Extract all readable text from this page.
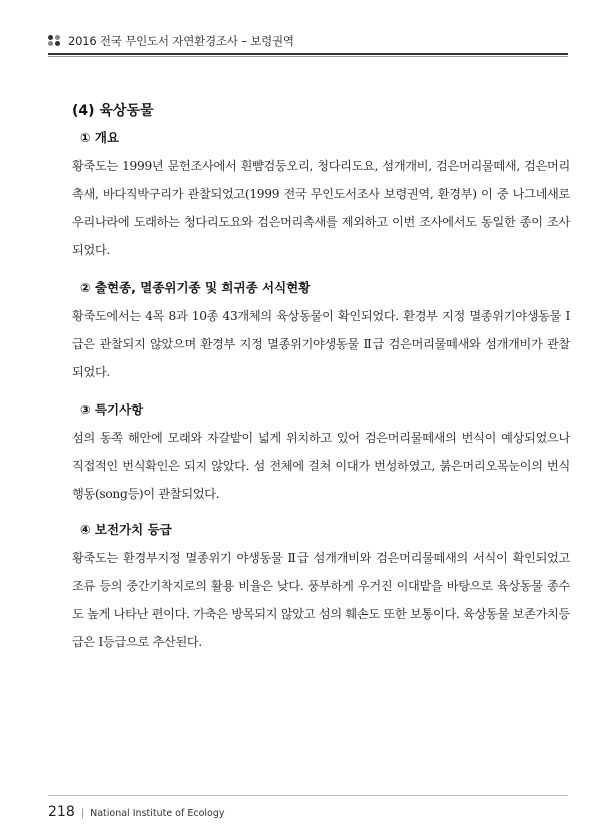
2016 전국 무인도서 자연환경조사 – 보령권역
(4) 육상동물
① 개요

황죽도는 1999년 문헌조사에서 흰뺨검둥오리, 청다리도요, 섬개개비, 검은머리물떼새, 검은머리촉새, 바다직박구리가 관찰되었고(1999 전국 무인도서조사 보령권역, 환경부) 이 중 나그네새로 우리나라에 도래하는 청다리도요와 검은머리촉새를 제외하고 이번 조사에서도 동일한 종이 조사되었다.

② 출현종, 멸종위기종 및 희귀종 서식현황

황죽도에서는 4목 8과 10종 43개체의 육상동물이 확인되었다. 환경부 지정 멸종위기야생동물 Ⅰ급은 관찰되지 않았으며 환경부 지정 멸종위기야생동물 Ⅱ급 검은머리물떼새와 섬개개비가 관찰되었다.

③ 특기사항

섬의 동쪽 해안에 모래와 자갈밭이 넓게 위치하고 있어 검은머리물떼새의 번식이 예상되었으나 직접적인 번식확인은 되지 않았다. 섬 전체에 걸쳐 이대가 번성하였고, 붉은머리오목눈이의 번식행동(song등)이 관찰되었다.

④ 보전가치 등급

황죽도는 환경부지정 멸종위기 야생동물 Ⅱ급 섬개개비와 검은머리물떼새의 서식이 확인되었고 조류 등의 중간기착지로의 활용 비율은 낮다. 풍부하게 우거진 이대밭을 바탕으로 육상동물 종수도 높게 나타난 편이다. 가축은 방목되지 않았고 섬의 훼손도 또한 보통이다. 육상동물 보존가치등급은 Ⅰ등급으로 추산된다.

218 | National Institute of Ecology
